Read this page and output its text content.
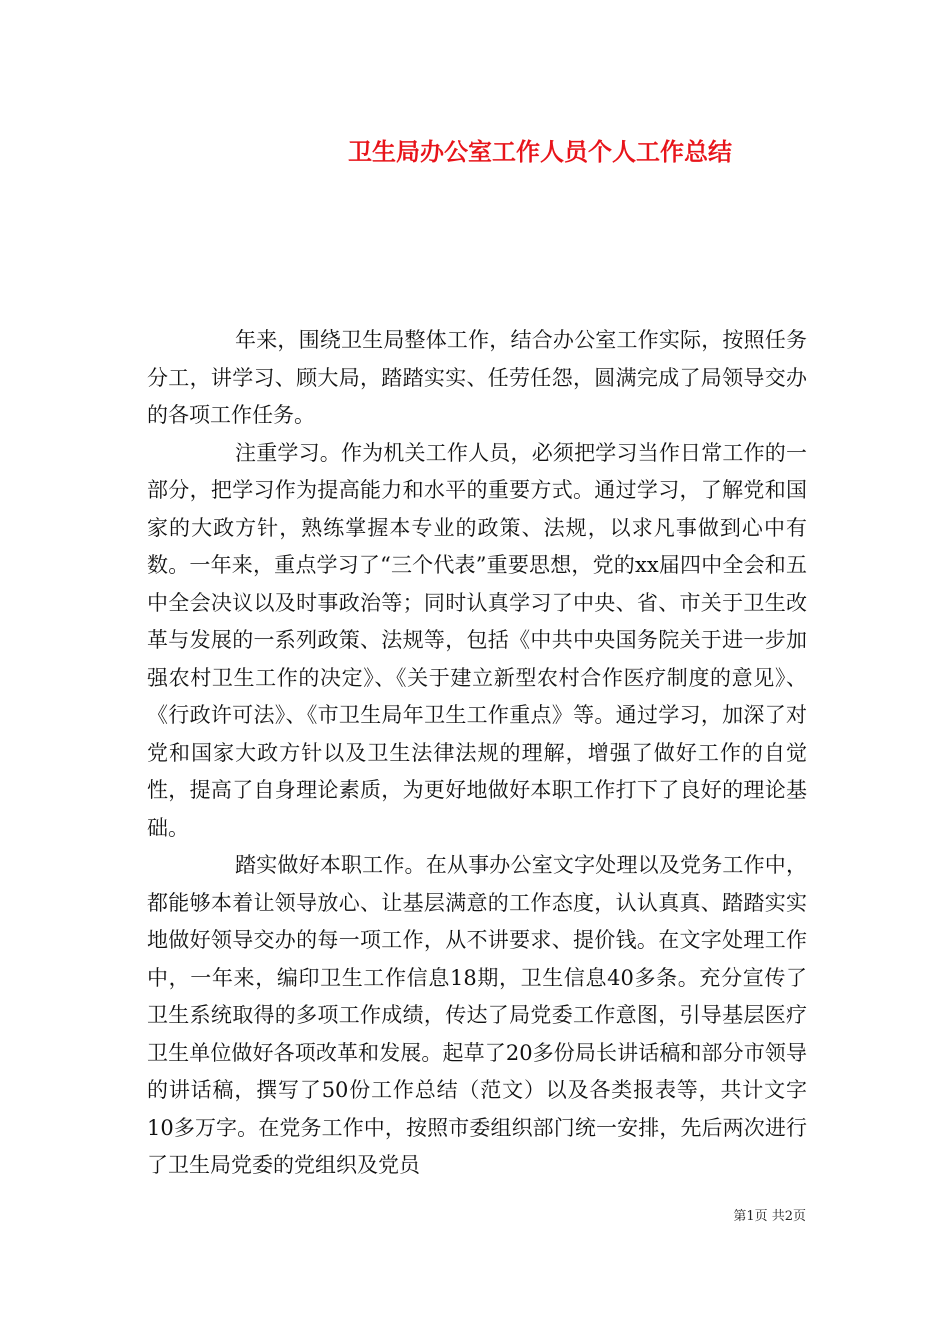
卫生局办公室工作人员个人工作总结

年来，围绕卫生局整体工作，结合办公室工作实际，按照任务分工，讲学习、顾大局，踏踏实实、任劳任怨，圆满完成了局领导交办的各项工作任务。

注重学习。作为机关工作人员，必须把学习当作日常工作的一部分，把学习作为提高能力和水平的重要方式。通过学习，了解党和国家的大政方针，熟练掌握本专业的政策、法规，以求凡事做到心中有数。一年来，重点学习了“三个代表”重要思想，党的xx届四中全会和五中全会决议以及时事政治等；同时认真学习了中央、省、市关于卫生改革与发展的一系列政策、法规等，包括《中共中央国务院关于进一步加强农村卫生工作的决定》、《关于建立新型农村合作医疗制度的意见》、《行政许可法》、《市卫生局年卫生工作重点》等。通过学习，加深了对党和国家大政方针以及卫生法律法规的理解，增强了做好工作的自觉性，提高了自身理论素质，为更好地做好本职工作打下了良好的理论基础。

踏实做好本职工作。在从事办公室文字处理以及党务工作中，都能够本着让领导放心、让基层满意的工作态度，认认真真、踏踏实实地做好领导交办的每一项工作，从不讲要求、提价钱。在文字处理工作中，一年来，编印卫生工作信息18期，卫生信息40多条。充分宣传了卫生系统取得的多项工作成绩，传达了局党委工作意图，引导基层医疗卫生单位做好各项改革和发展。起草了20多份局长讲话稿和部分市领导的讲话稿，撰写了50份工作总结（范文）以及各类报表等，共计文字10多万字。在党务工作中，按照市委组织部门统一安排，先后两次进行了卫生局党委的党组织及党员

第1页 共2页
